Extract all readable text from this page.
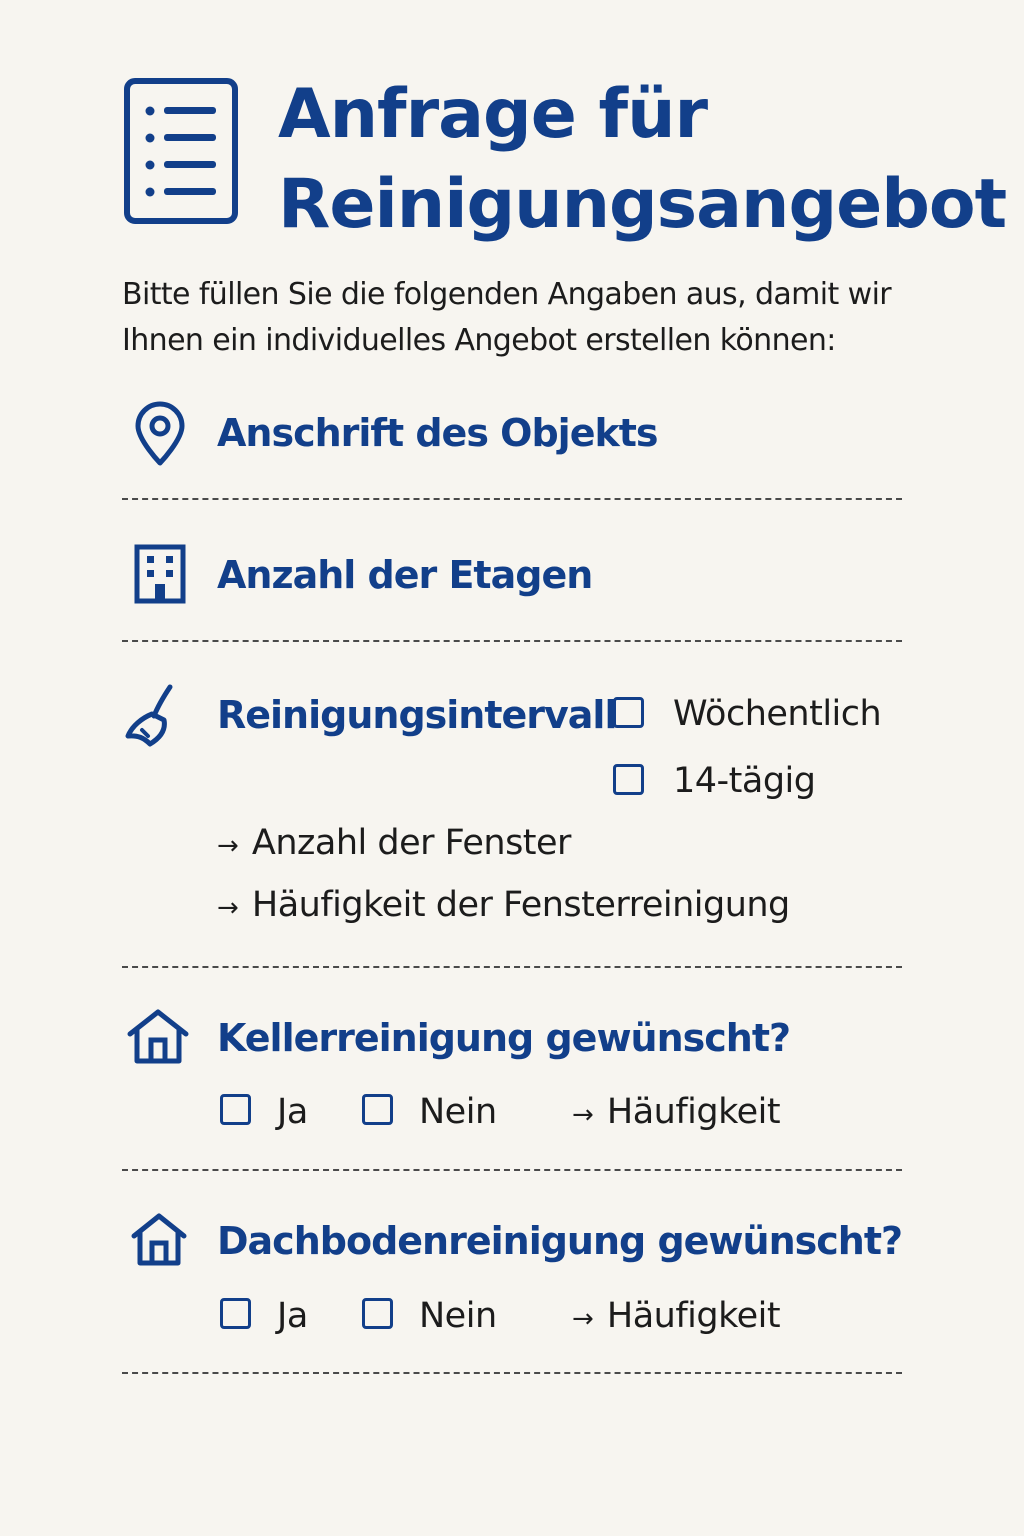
Anfrage für
Reinigungsangebot
Bitte füllen Sie die folgenden Angaben aus, damit wir
Ihnen ein individuelles Angebot erstellen können:
Anschrift des Objekts
Anzahl der Etagen
Reinigungsintervall Wöchentlich
14-tägig
→ Anzahl der Fenster
→ Häufigkeit der Fensterreinigung
Kellerreinigung gewünscht?
Ja	Nein	→ Häufigkeit
Dachbodenreinigung gewünscht?
Ja	Nein	→ Häufigkeit
